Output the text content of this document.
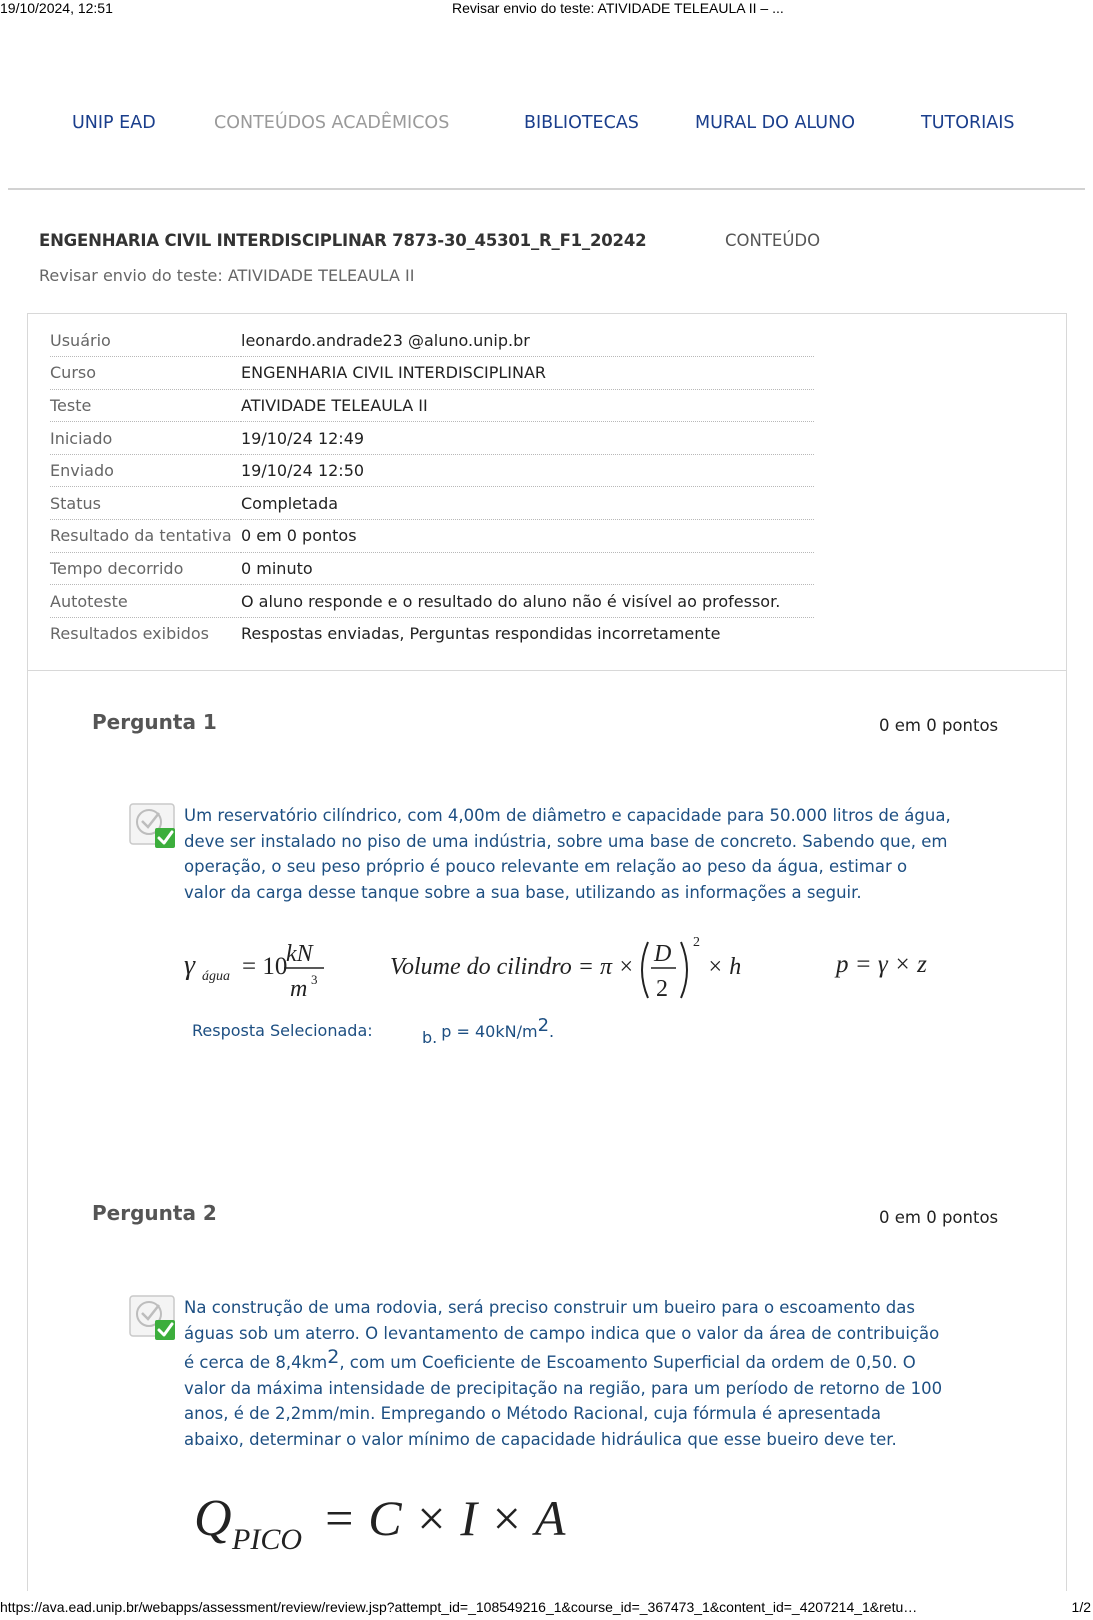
19/10/2024, 12:51	Revisar envio do teste: ATIVIDADE TELEAULA II – ...
UNIP EAD	CONTEÚDOS ACADÊMICOS	BIBLIOTECAS	MURAL DO ALUNO	TUTORIAIS
ENGENHARIA CIVIL INTERDISCIPLINAR 7873-30_45301_R_F1_20242	CONTEÚDO
Revisar envio do teste: ATIVIDADE TELEAULA II
Usuário	leonardo.andrade23 @aluno.unip.br
Curso	ENGENHARIA CIVIL INTERDISCIPLINAR
Teste	ATIVIDADE TELEAULA II
Iniciado	19/10/24 12:49
Enviado	19/10/24 12:50
Status	Completada
Resultado da tentativa	0 em 0 pontos
Tempo decorrido	0 minuto
Autoteste	O aluno responde e o resultado do aluno não é visível ao professor.
Resultados exibidos	Respostas enviadas, Perguntas respondidas incorretamente
Pergunta 1	0 em 0 pontos
Um reservatório cilíndrico, com 4,00m de diâmetro e capacidade para 50.000 litros de água,
deve ser instalado no piso de uma indústria, sobre uma base de concreto. Sabendo que, em
operação, o seu peso próprio é pouco relevante em relação ao peso da água, estimar o
valor da carga desse tanque sobre a sua base, utilizando as informações a seguir.
γ água = 10
kN
m 3	Volume do cilindro = π × D
2
2
× h	p = γ × z
Resposta Selecionada:	b. $p = 40kN/m^2$.
Pergunta 2	0 em 0 pontos
Na construção de uma rodovia, será preciso construir um bueiro para o escoamento das
águas sob um aterro. O levantamento de campo indica que o valor da área de contribuição
é cerca de $8,4km^2$, com um Coeficiente de Escoamento Superficial da ordem de 0,50. O
valor da máxima intensidade de precipitação na região, para um período de retorno de 100
anos, é de 2,2mm/min. Empregando o Método Racional, cuja fórmula é apresentada
abaixo, determinar o valor mínimo de capacidade hidráulica que esse bueiro deve ter.
Q PICO = C × I × A
https://ava.ead.unip.br/webapps/assessment/review/review.jsp?attempt_id=_108549216_1&course_id=_367473_1&content_id=_4207214_1&retu…	1/2
